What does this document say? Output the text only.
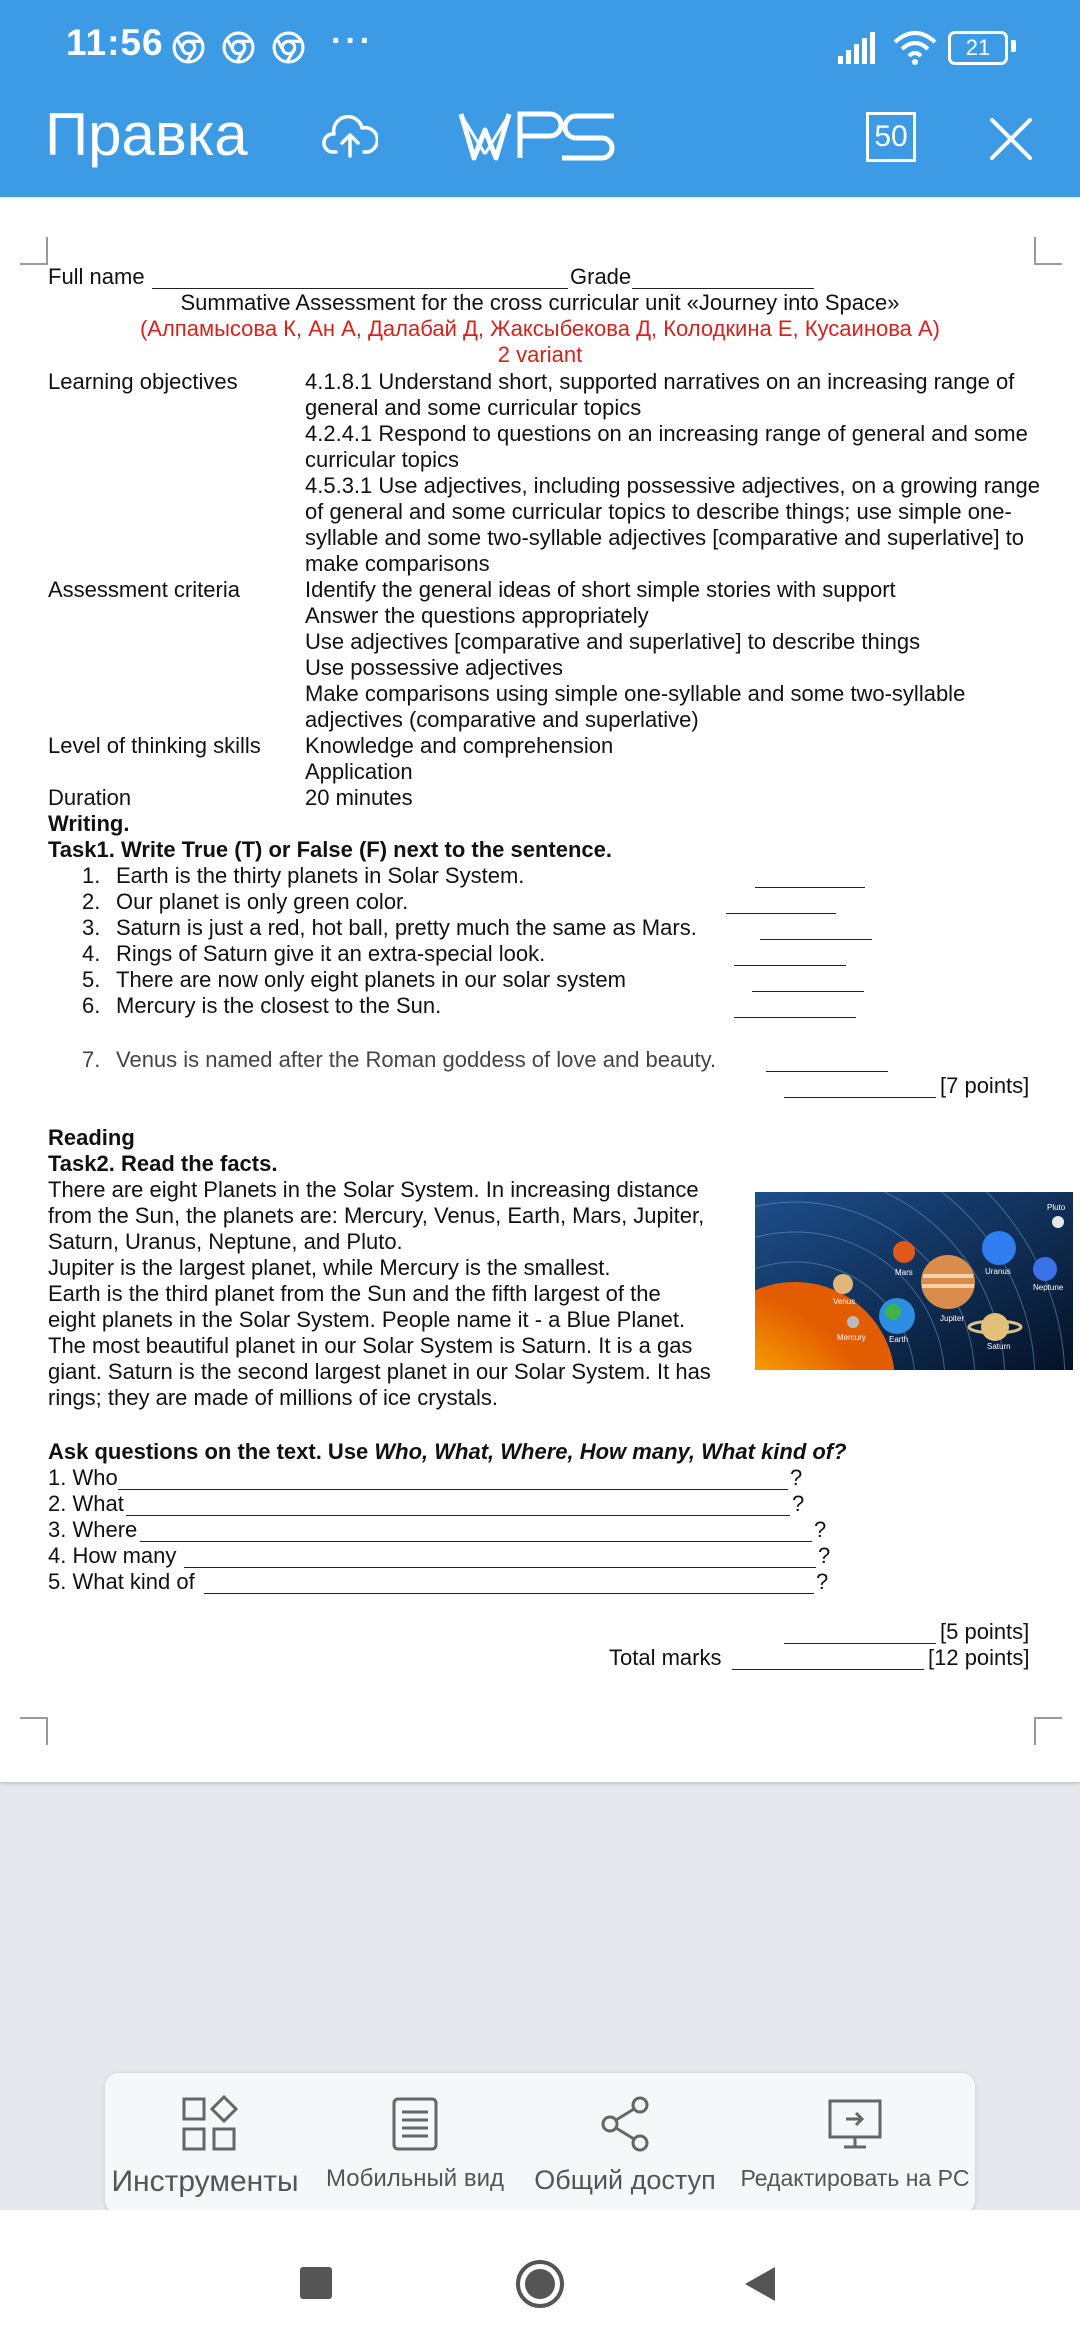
11:56	···	21
Правка	50
Full name	Grade
Summative Assessment for the cross curricular unit «Journey into Space»
(Алпамысова К, Ан А, Далабай Д, Жаксыбекова Д, Колодкина Е, Кусаинова А)
2 variant
Learning objectives	4.1.8.1 Understand short, supported narratives on an increasing range of
general and some curricular topics
4.2.4.1 Respond to questions on an increasing range of general and some
curricular topics
4.5.3.1 Use adjectives, including possessive adjectives, on a growing range
of general and some curricular topics to describe things; use simple one-
syllable and some two-syllable adjectives [comparative and superlative] to
make comparisons
Assessment criteria	Identify the general ideas of short simple stories with support
Answer the questions appropriately
Use adjectives [comparative and superlative] to describe things
Use possessive adjectives
Make comparisons using simple one-syllable and some two-syllable
adjectives (comparative and superlative)
Level of thinking skills Knowledge and comprehension
Application
Duration	20 minutes
Writing.
Task1. Write True (T) or False (F) next to the sentence.
1. Earth is the thirty planets in Solar System.
2. Our planet is only green color.
3. Saturn is just a red, hot ball, pretty much the same as Mars.
4. Rings of Saturn give it an extra-special look.
5. There are now only eight planets in our solar system
6. Mercury is the closest to the Sun.
7. Venus is named after the Roman goddess of love and beauty.
[7 points]
Reading
Task2. Read the facts.
There are eight Planets in the Solar System. In increasing distance
from the Sun, the planets are: Mercury, Venus, Earth, Mars, Jupiter,
Saturn, Uranus, Neptune, and Pluto.
Jupiter is the largest planet, while Mercury is the smallest.
Earth is the third planet from the Sun and the fifth largest of the
eight planets in the Solar System. People name it - a Blue Planet.
The most beautiful planet in our Solar System is Saturn. It is a gas
giant. Saturn is the second largest planet in our Solar System. It has
rings; they are made of millions of ice crystals.
Pluto
Uranus
Neptune
Mars
Venus
Jupiter
Mercury	Earth
Saturn
Ask questions on the text. Use Who, What, Where, How many, What kind of?
1. Who	?
2. What	?
3. Where	?
4. How many	?
5. What kind of	?
[5 points]
Total marks	[12 points]
Инструменты	Мобильный вид	Общий доступ	Редактировать на PC
